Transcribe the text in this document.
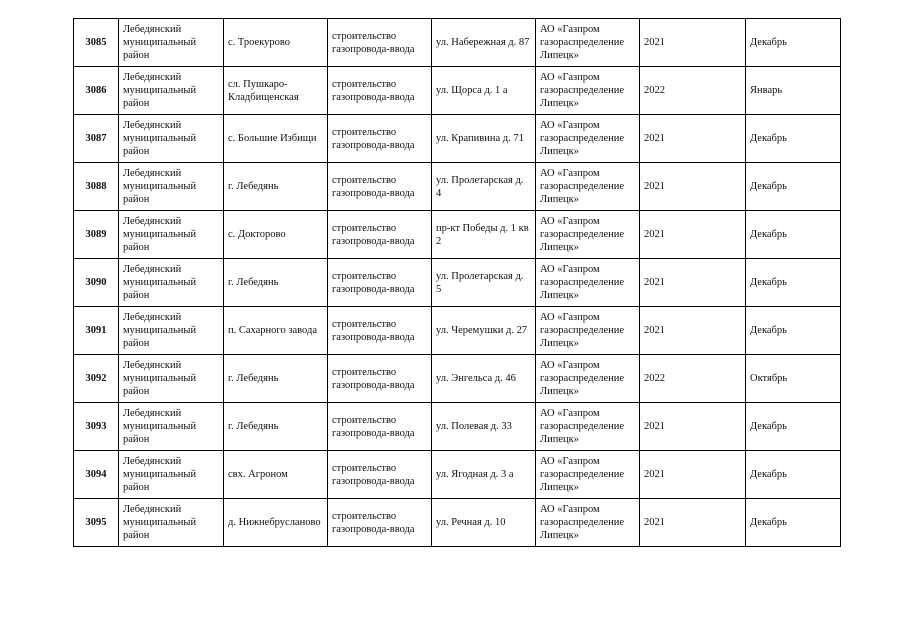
3085	Лебедянский муниципальный район	с. Троекурово	строительство газопровода-ввода	ул. Набережная д. 87	АО «Газпром газораспределение Липецк»	2021	Декабрь
3086	Лебедянский муниципальный район	сл. Пушкаро-Кладбищенская	строительство газопровода-ввода	ул. Щорса д. 1 а	АО «Газпром газораспределение Липецк»	2022	Январь
3087	Лебедянский муниципальный район	с. Большие Избищи	строительство газопровода-ввода	ул. Крапивина д. 71	АО «Газпром газораспределение Липецк»	2021	Декабрь
3088	Лебедянский муниципальный район	г. Лебедянь	строительство газопровода-ввода	ул. Пролетарская д. 4	АО «Газпром газораспределение Липецк»	2021	Декабрь
3089	Лебедянский муниципальный район	с. Докторово	строительство газопровода-ввода	пр-кт Победы д. 1 кв 2	АО «Газпром газораспределение Липецк»	2021	Декабрь
3090	Лебедянский муниципальный район	г. Лебедянь	строительство газопровода-ввода	ул. Пролетарская д. 5	АО «Газпром газораспределение Липецк»	2021	Декабрь
3091	Лебедянский муниципальный район	п. Сахарного завода	строительство газопровода-ввода	ул. Черемушки д. 27	АО «Газпром газораспределение Липецк»	2021	Декабрь
3092	Лебедянский муниципальный район	г. Лебедянь	строительство газопровода-ввода	ул. Энгельса д. 46	АО «Газпром газораспределение Липецк»	2022	Октябрь
3093	Лебедянский муниципальный район	г. Лебедянь	строительство газопровода-ввода	ул. Полевая д. 33	АО «Газпром газораспределение Липецк»	2021	Декабрь
3094	Лебедянский муниципальный район	свх. Агроном	строительство газопровода-ввода	ул. Ягодная д. 3 а	АО «Газпром газораспределение Липецк»	2021	Декабрь
3095	Лебедянский муниципальный район	д. Нижнебрусланово	строительство газопровода-ввода	ул. Речная д. 10	АО «Газпром газораспределение Липецк»	2021	Декабрь
